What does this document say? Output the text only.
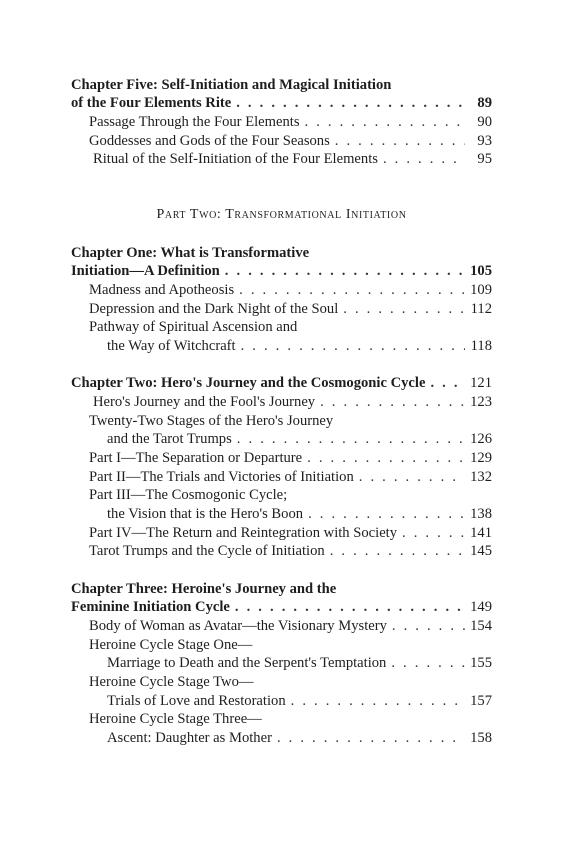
Chapter Five: Self-Initiation and Magical Initiation
of the Four Elements Rite . . .	89
Passage Through the Four Elements . . .	90
Goddesses and Gods of the Four Seasons . . .	93
Ritual of the Self-Initiation of the Four Elements . . .	95
Part Two: Transformational Initiation
Chapter One: What is Transformative
Initiation—A Definition . . .	105
Madness and Apotheosis . . .	109
Depression and the Dark Night of the Soul . . .	112
Pathway of Spiritual Ascension and
the Way of Witchcraft . . .	118
Chapter Two: Hero's Journey and the Cosmogonic Cycle . . .	121
Hero's Journey and the Fool's Journey . . .	123
Twenty-Two Stages of the Hero's Journey
and the Tarot Trumps . . .	126
Part I—The Separation or Departure . . .	129
Part II—The Trials and Victories of Initiation . . .	132
Part III—The Cosmogonic Cycle;
the Vision that is the Hero's Boon . . .	138
Part IV—The Return and Reintegration with Society . . .	141
Tarot Trumps and the Cycle of Initiation . . .	145
Chapter Three: Heroine's Journey and the
Feminine Initiation Cycle . . .	149
Body of Woman as Avatar—the Visionary Mystery . . .	154
Heroine Cycle Stage One—
Marriage to Death and the Serpent's Temptation . . .	155
Heroine Cycle Stage Two—
Trials of Love and Restoration . . .	157
Heroine Cycle Stage Three—
Ascent: Daughter as Mother . . .	158
